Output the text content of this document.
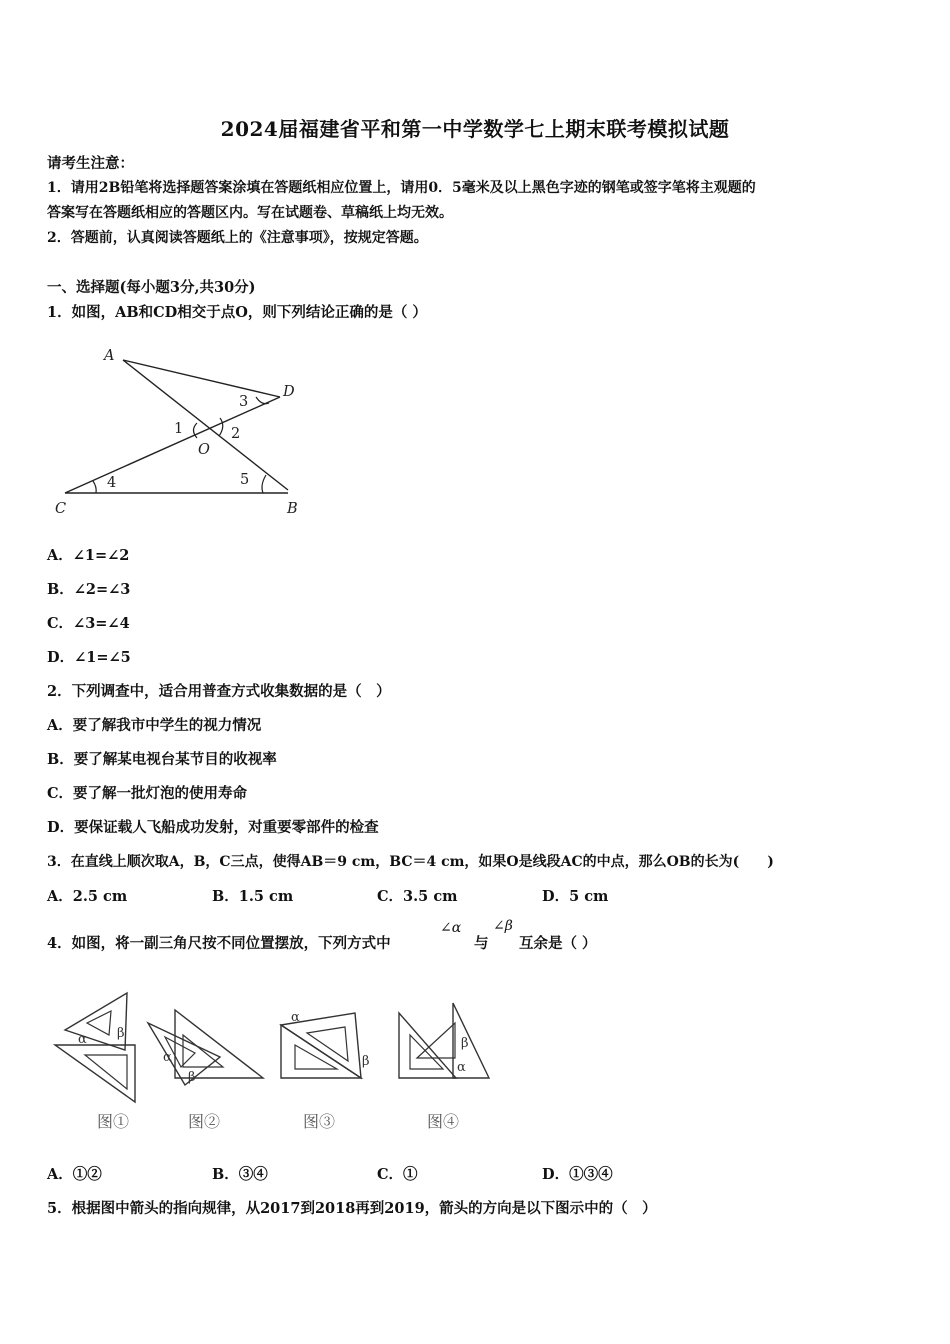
2024届福建省平和第一中学数学七上期末联考模拟试题
请考生注意：
1．请用2B铅笔将选择题答案涂填在答题纸相应位置上，请用0．5毫米及以上黑色字迹的钢笔或签字笔将主观题的
答案写在答题纸相应的答题区内。写在试题卷、草稿纸上均无效。
2．答题前，认真阅读答题纸上的《注意事项》，按规定答题。
一、选择题(每小题3分,共30分)
1．如图，AB和CD相交于点O，则下列结论正确的是（ ）
A
D
O
C	B
3
1	2
4	5
A．∠1=∠2
B．∠2=∠3
C．∠3=∠4
D．∠1=∠5
2．下列调查中，适合用普查方式收集数据的是（　）
A．要了解我市中学生的视力情况
B．要了解某电视台某节目的收视率
C．要了解一批灯泡的使用寿命
D．要保证载人飞船成功发射，对重要零部件的检查
3．在直线上顺次取A，B，C三点，使得AB＝9 cm，BC＝4 cm，如果O是线段AC的中点，那么OB的长为(　　)
A．2.5 cm	B．1.5 cm	C．3.5 cm	D．5 cm
4．如图，将一副三角尺按不同位置摆放，下列方式中
∠α
与
∠β
互余是（ ）
α β
α
β
α
β
β
α
图①	图②	图③	图④
A．①②	B．③④	C．①	D．①③④
5．根据图中箭头的指向规律，从2017到2018再到2019，箭头的方向是以下图示中的（　）
